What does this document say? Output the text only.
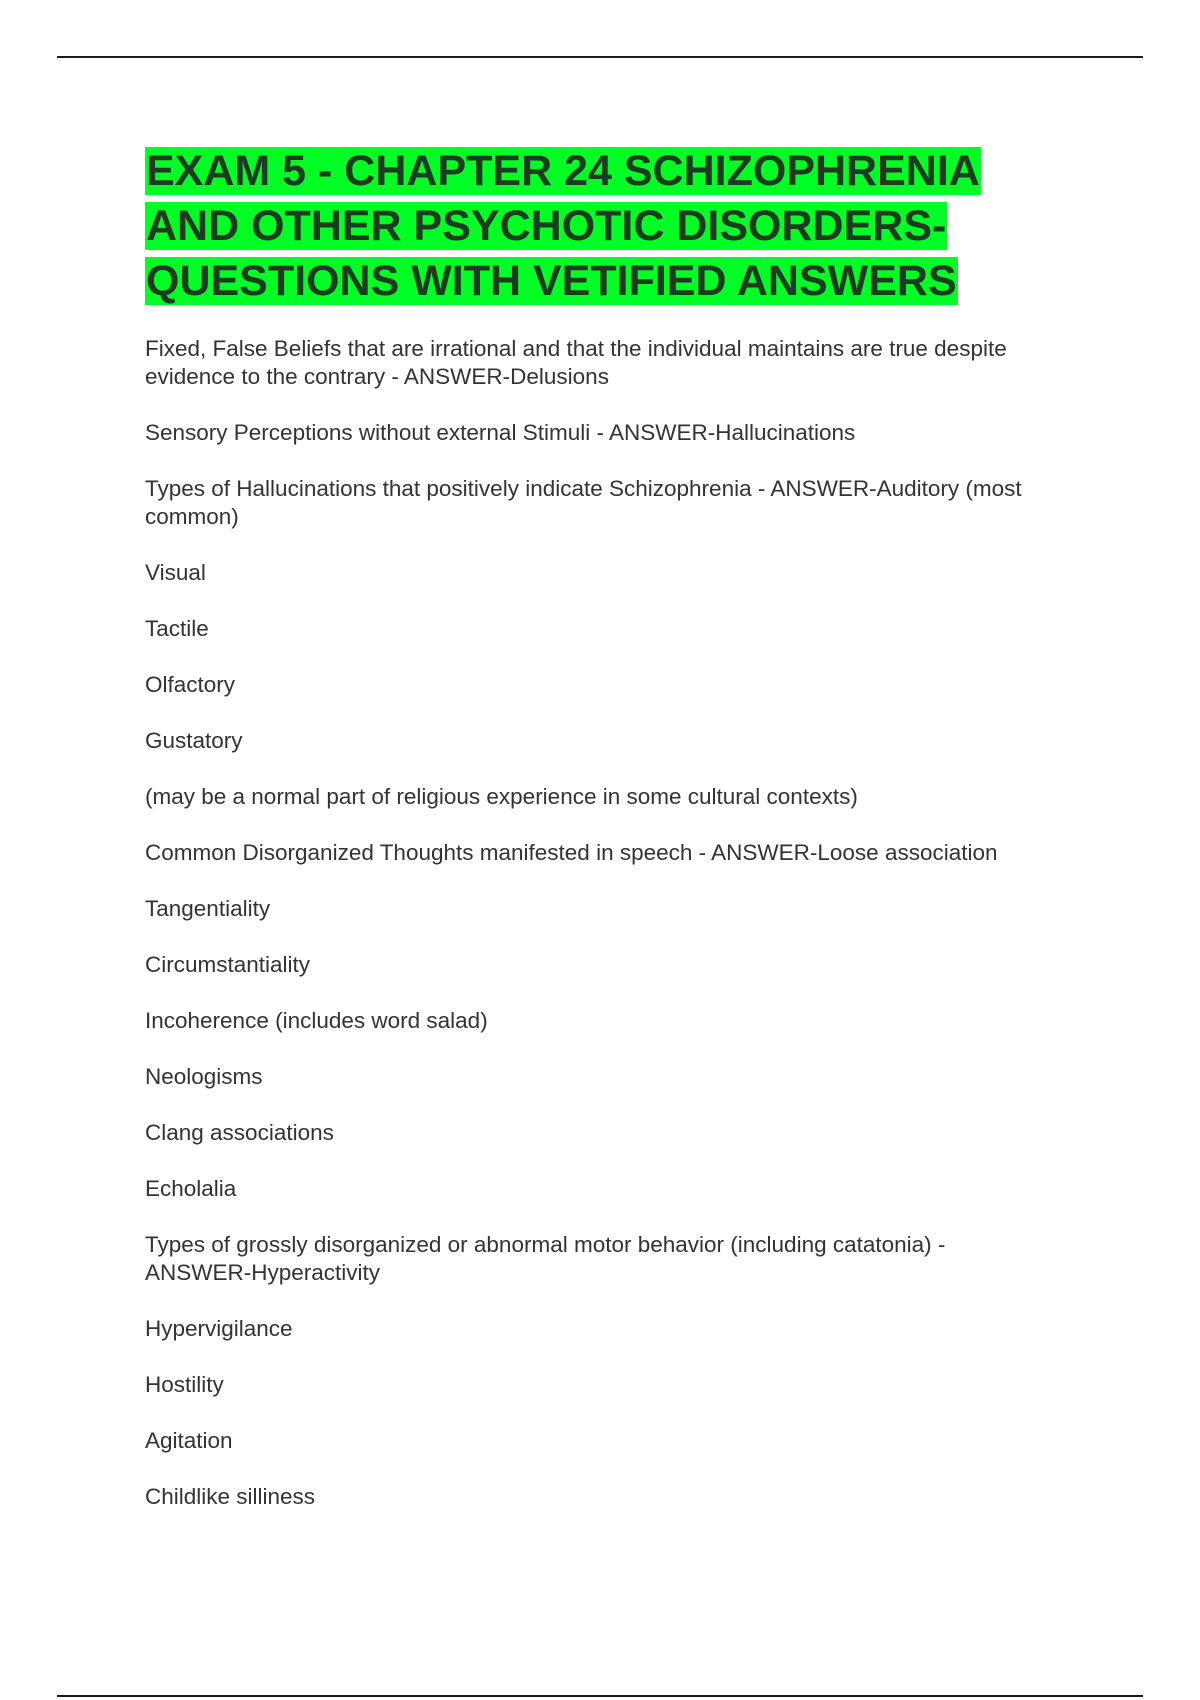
EXAM 5 - CHAPTER 24 SCHIZOPHRENIA
AND OTHER PSYCHOTIC DISORDERS-
QUESTIONS WITH VETIFIED ANSWERS

Fixed, False Beliefs that are irrational and that the individual maintains are true despite
evidence to the contrary - ANSWER-Delusions

Sensory Perceptions without external Stimuli - ANSWER-Hallucinations

Types of Hallucinations that positively indicate Schizophrenia - ANSWER-Auditory (most
common)

Visual

Tactile

Olfactory

Gustatory

(may be a normal part of religious experience in some cultural contexts)

Common Disorganized Thoughts manifested in speech - ANSWER-Loose association

Tangentiality

Circumstantiality

Incoherence (includes word salad)

Neologisms

Clang associations

Echolalia

Types of grossly disorganized or abnormal motor behavior (including catatonia) -
ANSWER-Hyperactivity

Hypervigilance

Hostility

Agitation

Childlike silliness
